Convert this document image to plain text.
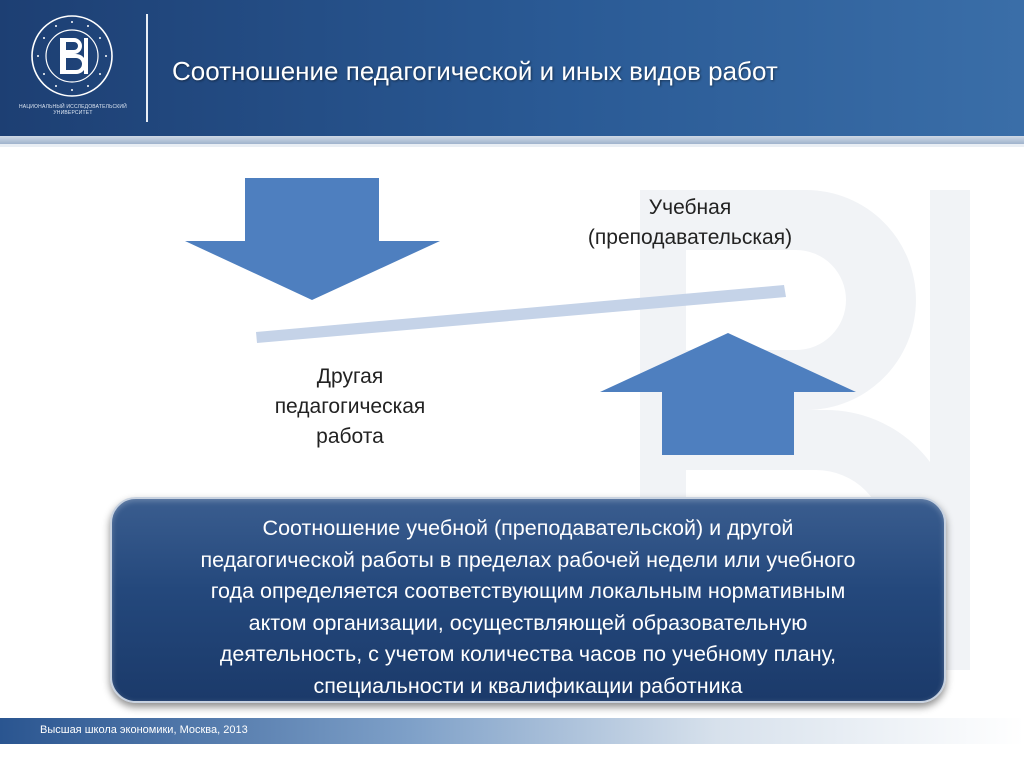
НАЦИОНАЛЬНЫЙ ИССЛЕДОВАТЕЛЬСКИЙ УНИВЕРСИТЕТ
Соотношение педагогической и иных видов работ
Учебная
(преподавательская)
Другая
педагогическая
работа
Соотношение учебной (преподавательской) и другой
педагогической работы в пределах рабочей недели или учебного
года определяется соответствующим локальным нормативным
актом организации, осуществляющей образовательную
деятельность, с учетом количества часов по учебному плану,
специальности и квалификации работника
Высшая школа экономики, Москва, 2013
